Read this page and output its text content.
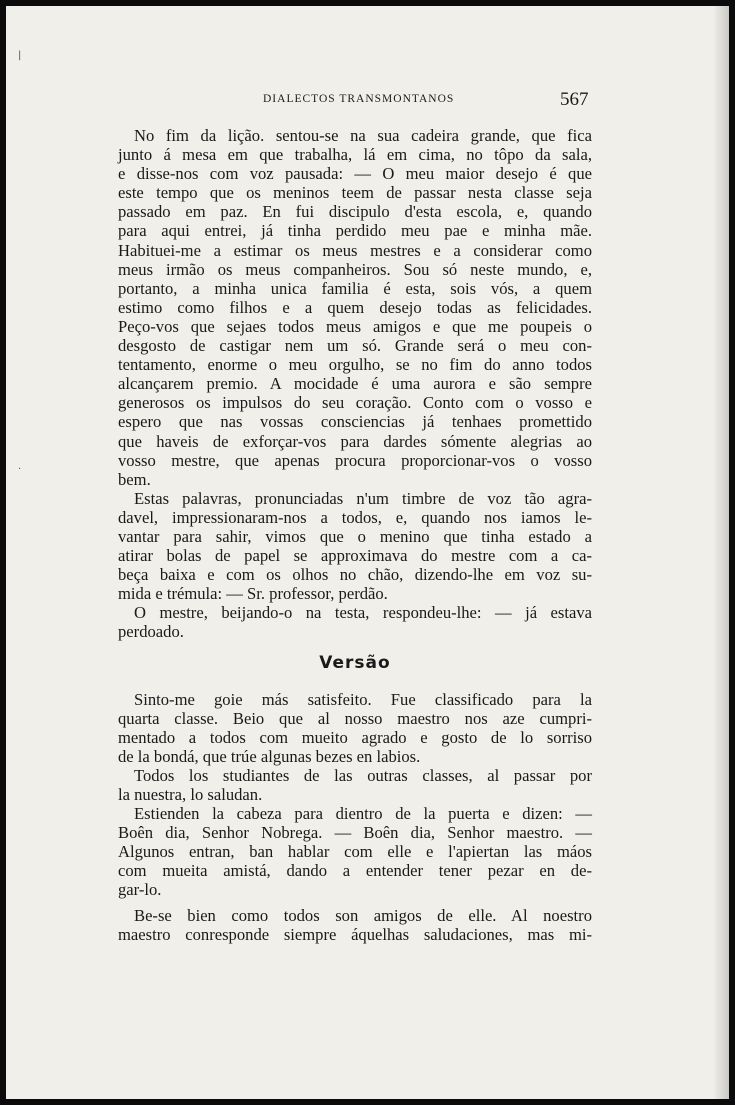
DIALECTOS TRANSMONTANOS	567
No fim da lição. sentou-se na sua cadeira grande, que fica
junto á mesa em que trabalha, lá em cima, no tôpo da sala,
e disse-nos com voz pausada: — O meu maior desejo é que
este tempo que os meninos teem de passar nesta classe seja
passado em paz. En fui discipulo d'esta escola, e, quando
para aqui entrei, já tinha perdido meu pae e minha mãe.
Habituei-me a estimar os meus mestres e a considerar como
meus irmão os meus companheiros. Sou só neste mundo, e,
portanto, a minha unica familia é esta, sois vós, a quem
estimo como filhos e a quem desejo todas as felicidades.
Peço-vos que sejaes todos meus amigos e que me poupeis o
desgosto de castigar nem um só. Grande será o meu con-
tentamento, enorme o meu orgulho, se no fim do anno todos
alcançarem premio. A mocidade é uma aurora e são sempre
generosos os impulsos do seu coração. Conto com o vosso e
espero que nas vossas consciencias já tenhaes promettido
que haveis de exforçar-vos para dardes sómente alegrias ao
vosso mestre, que apenas procura proporcionar-vos o vosso
bem.
Estas palavras, pronunciadas n'um timbre de voz tão agra-
davel, impressionaram-nos a todos, e, quando nos iamos le-
vantar para sahir, vimos que o menino que tinha estado a
atirar bolas de papel se approximava do mestre com a ca-
beça baixa e com os olhos no chão, dizendo-lhe em voz su-
mida e trémula: — Sr. professor, perdão.
O mestre, beijando-o na testa, respondeu-lhe: — já estava
perdoado.
Versão
Sinto-me goie más satisfeito. Fue classificado para la
quarta classe. Beio que al nosso maestro nos aze cumpri-
mentado a todos com mueito agrado e gosto de lo sorriso
de la bondá, que trúe algunas bezes en labios.
Todos los studiantes de las outras classes, al passar por
la nuestra, lo saludan.
Estienden la cabeza para dientro de la puerta e dizen: —
Boên dia, Senhor Nobrega. — Boên dia, Senhor maestro. —
Algunos entran, ban hablar com elle e l'apiertan las máos
com mueita amistá, dando a entender tener pezar en de-
gar-lo.
Be-se bien como todos son amigos de elle. Al noestro
maestro conresponde siempre áquelhas saludaciones, mas mi-
|
·
